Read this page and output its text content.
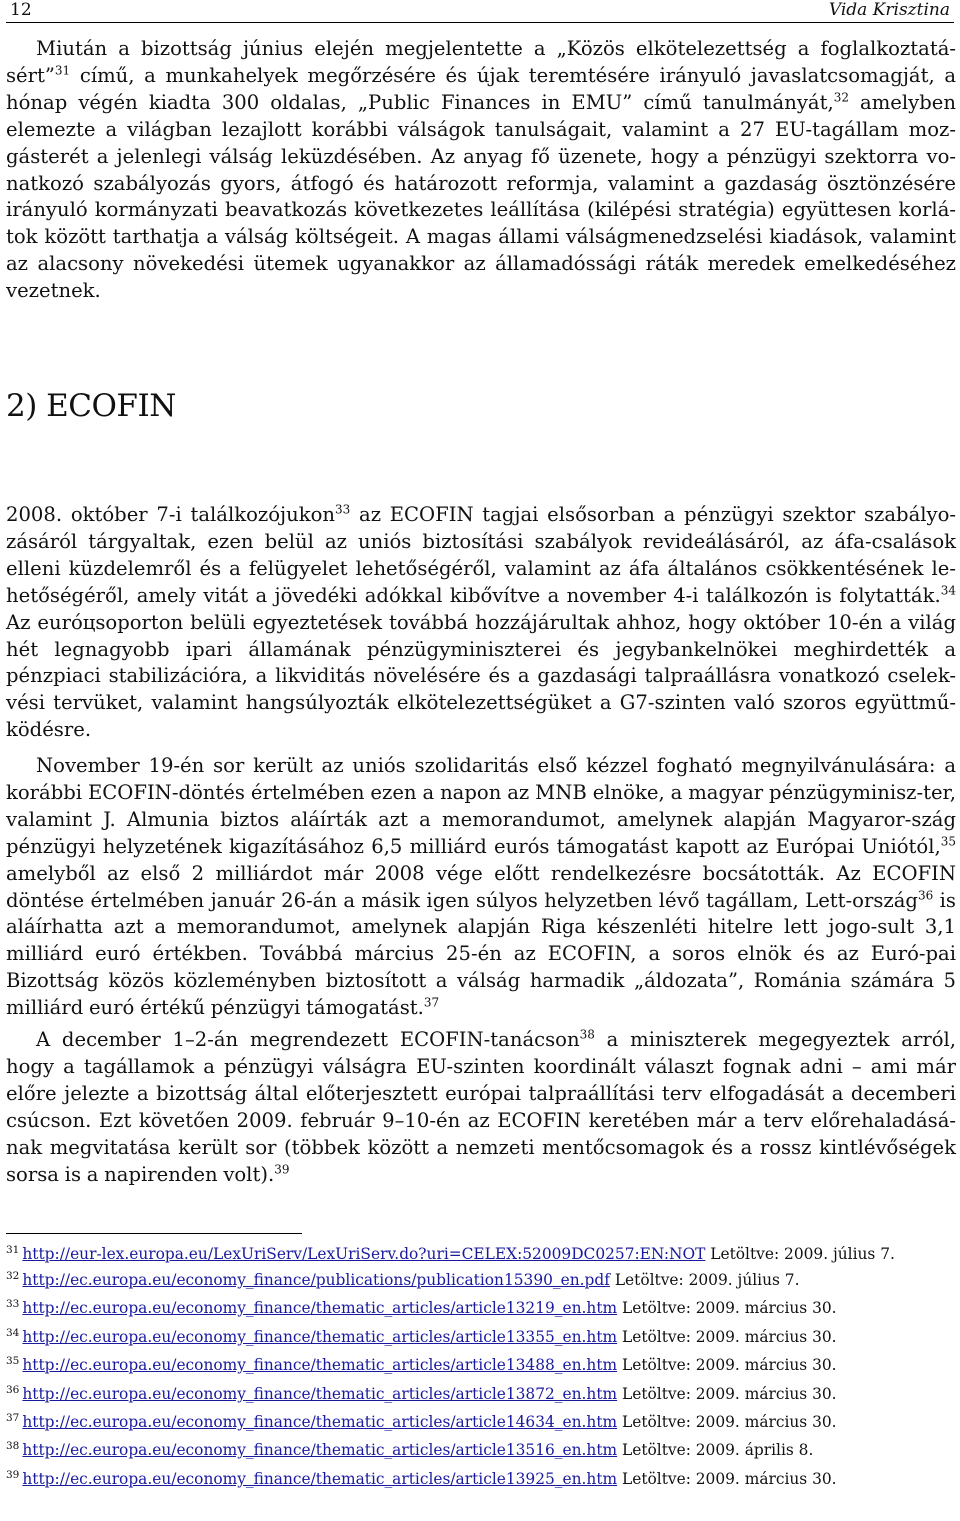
12	Vida Krisztina

Miután a bizottság június elején megjelentette a „Közös elkötelezettség a foglalkoztatá-sért”$^{31}$ című, a munkahelyek megőrzésére és újak teremtésére irányuló javaslatcsomagját, a hónap végén kiadta 300 oldalas, „Public Finances in EMU” című tanulmányát,$^{32}$ amelyben elemezte a világban lezajlott korábbi válságok tanulságait, valamint a 27 EU-tagállam moz-gásterét a jelenlegi válság leküzdésében. Az anyag fő üzenete, hogy a pénzügyi szektorra vo-natkozó szabályozás gyors, átfogó és határozott reformja, valamint a gazdaság ösztönzésére irányuló kormányzati beavatkozás következetes leállítása (kilépési stratégia) együttesen korlá-tok között tarthatja a válság költségeit. A magas állami válságmenedzselési kiadások, valamint az alacsony növekedési ütemek ugyanakkor az államadóssági ráták meredek emelkedéséhez vezetnek.

2) ECOFIN

2008. október 7-i találkozójukon$^{33}$ az ECOFIN tagjai elsősorban a pénzügyi szektor szabályo-zásáról tárgyaltak, ezen belül az uniós biztosítási szabályok revideálásáról, az áfa-csalások elleni küzdelemről és a felügyelet lehetőségéről, valamint az áfa általános csökkentésének le-hetőségéről, amely vitát a jövedéki adókkal kibővítve a november 4-i találkozón is folytatták.$^{34}$ Az euróцsoporton belüli egyeztetések továbbá hozzájárultak ahhoz, hogy október 10-én a világ hét legnagyobb ipari államának pénzügyminiszterei és jegybankelnökei meghirdették a pénzpiaci stabilizációra, a likviditás növelésére és a gazdasági talpraállásra vonatkozó cselek-vési tervüket, valamint hangsúlyozták elkötelezettségüket a G7-szinten való szoros együttmű-ködésre.

November 19-én sor került az uniós szolidaritás első kézzel fogható megnyilvánulására: a korábbi ECOFIN-döntés értelmében ezen a napon az MNB elnöke, a magyar pénzügyminisz-ter, valamint J. Almunia biztos aláírták azt a memorandumot, amelynek alapján Magyaror-szág pénzügyi helyzetének kigazításához 6,5 milliárd eurós támogatást kapott az Európai Uniótól,$^{35}$ amelyből az első 2 milliárdot már 2008 vége előtt rendelkezésre bocsátották. Az ECOFIN döntése értelmében január 26-án a másik igen súlyos helyzetben lévő tagállam, Lett-ország$^{36}$ is aláírhatta azt a memorandumot, amelynek alapján Riga készenléti hitelre lett jogo-sult 3,1 milliárd euró értékben. Továbbá március 25-én az ECOFIN, a soros elnök és az Euró-pai Bizottság közös közleményben biztosított a válság harmadik „áldozata”, Románia számára 5 milliárd euró értékű pénzügyi támogatást.$^{37}$

A december 1–2-án megrendezett ECOFIN-tanácson$^{38}$ a miniszterek megegyeztek arról, hogy a tagállamok a pénzügyi válságra EU-szinten koordinált választ fognak adni – ami már előre jelezte a bizottság által előterjesztett európai talpraállítási terv elfogadását a decemberi csúcson. Ezt követően 2009. február 9–10-én az ECOFIN keretében már a terv előrehaladásá-nak megvitatása került sor (többek között a nemzeti mentőcsomagok és a rossz kintlévőségek sorsa is a napirenden volt).$^{39}$

$^{31}$ http://eur-lex.europa.eu/LexUriServ/LexUriServ.do?uri=CELEX:52009DC0257:EN:NOT Letöltve: 2009. július 7.
$^{32}$ http://ec.europa.eu/economy_finance/publications/publication15390_en.pdf Letöltve: 2009. július 7.
$^{33}$ http://ec.europa.eu/economy_finance/thematic_articles/article13219_en.htm Letöltve: 2009. március 30.
$^{34}$ http://ec.europa.eu/economy_finance/thematic_articles/article13355_en.htm Letöltve: 2009. március 30.
$^{35}$ http://ec.europa.eu/economy_finance/thematic_articles/article13488_en.htm Letöltve: 2009. március 30.
$^{36}$ http://ec.europa.eu/economy_finance/thematic_articles/article13872_en.htm Letöltve: 2009. március 30.
$^{37}$ http://ec.europa.eu/economy_finance/thematic_articles/article14634_en.htm Letöltve: 2009. március 30.
$^{38}$ http://ec.europa.eu/economy_finance/thematic_articles/article13516_en.htm Letöltve: 2009. április 8.
$^{39}$ http://ec.europa.eu/economy_finance/thematic_articles/article13925_en.htm Letöltve: 2009. március 30.
